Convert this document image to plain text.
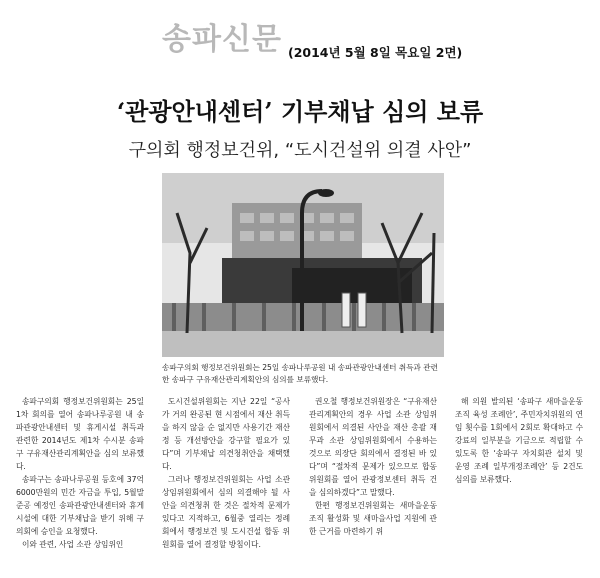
송파신문 (2014년 5월 8일 목요일 2면)
‘관광안내센터’ 기부채납 심의 보류
구의회 행정보건위, “도시건설위 의결 사안”
송파구의회 행정보건위원회는 25일 송파나루공원 내 송파관광안내센터 취득과 관련한 송파구 구유재산관리계획안의 심의를 보류했다.

송파구의회 행정보건위원회는 25일 1차 회의를 열어 송파나루공원 내 송파관광안내센터 및 휴게시설 취득과 관련한 2014년도 제1차 수시분 송파구 구유재산관리계획안을 심의 보류했다.

송파구는 송파나루공원 등호에 37억6000만원의 민간 자금을 투입, 5월말 준공 예정인 송파관광안내센터와 휴게시설에 대한 기부채납을 받기 위해 구의회에 승인을 요청했다.

이와 관련, 사업 소관 상임위인

도시건설위원회는 지난 22일 “공사가 거의 완공된 현 시점에서 재산 취득을 하지 않을 순 없지만 사용기간 재산정 등 개선방안을 강구할 필요가 있다”며 기부채납 의견청취안을 채택했다.

그러나 행정보건위원회는 사업 소관 상임위원회에서 심의 의결해야 될 사안을 의견청취 한 것은 절차적 문제가 있다고 지적하고, 6월중 열리는 정례회에서 행정보건 및 도시건설 합동 위원회를 열어 결정할 방침이다.

권오철 행정보건위원장은 “구유재산관리계획안의 경우 사업 소관 상임위원회에서 의결된 사안을 재산 총괄 재무과 소관 상임위원회에서 수용하는 것으로 의장단 회의에서 결정된 바 있다”며 “절차적 문제가 있으므로 합동 위원회를 열어 관광정보센터 취득 건을 심의하겠다”고 말했다.

한편 행정보건위원회는 새마을운동 조직 활성화 및 새마을사업 지원에 관한 근거를 마련하기 위

해 의원 발의된 ‘송파구 새마을운동 조직 육성 조례안’, 주민자치위원의 연임 횟수를 1회에서 2회로 확대하고 수강료의 일부분을 기금으로 적립할 수 있도록 한 ‘송파구 자치회관 설치 및 운영 조례 일부개정조례안’ 등 2건도 심의를 보류했다.
